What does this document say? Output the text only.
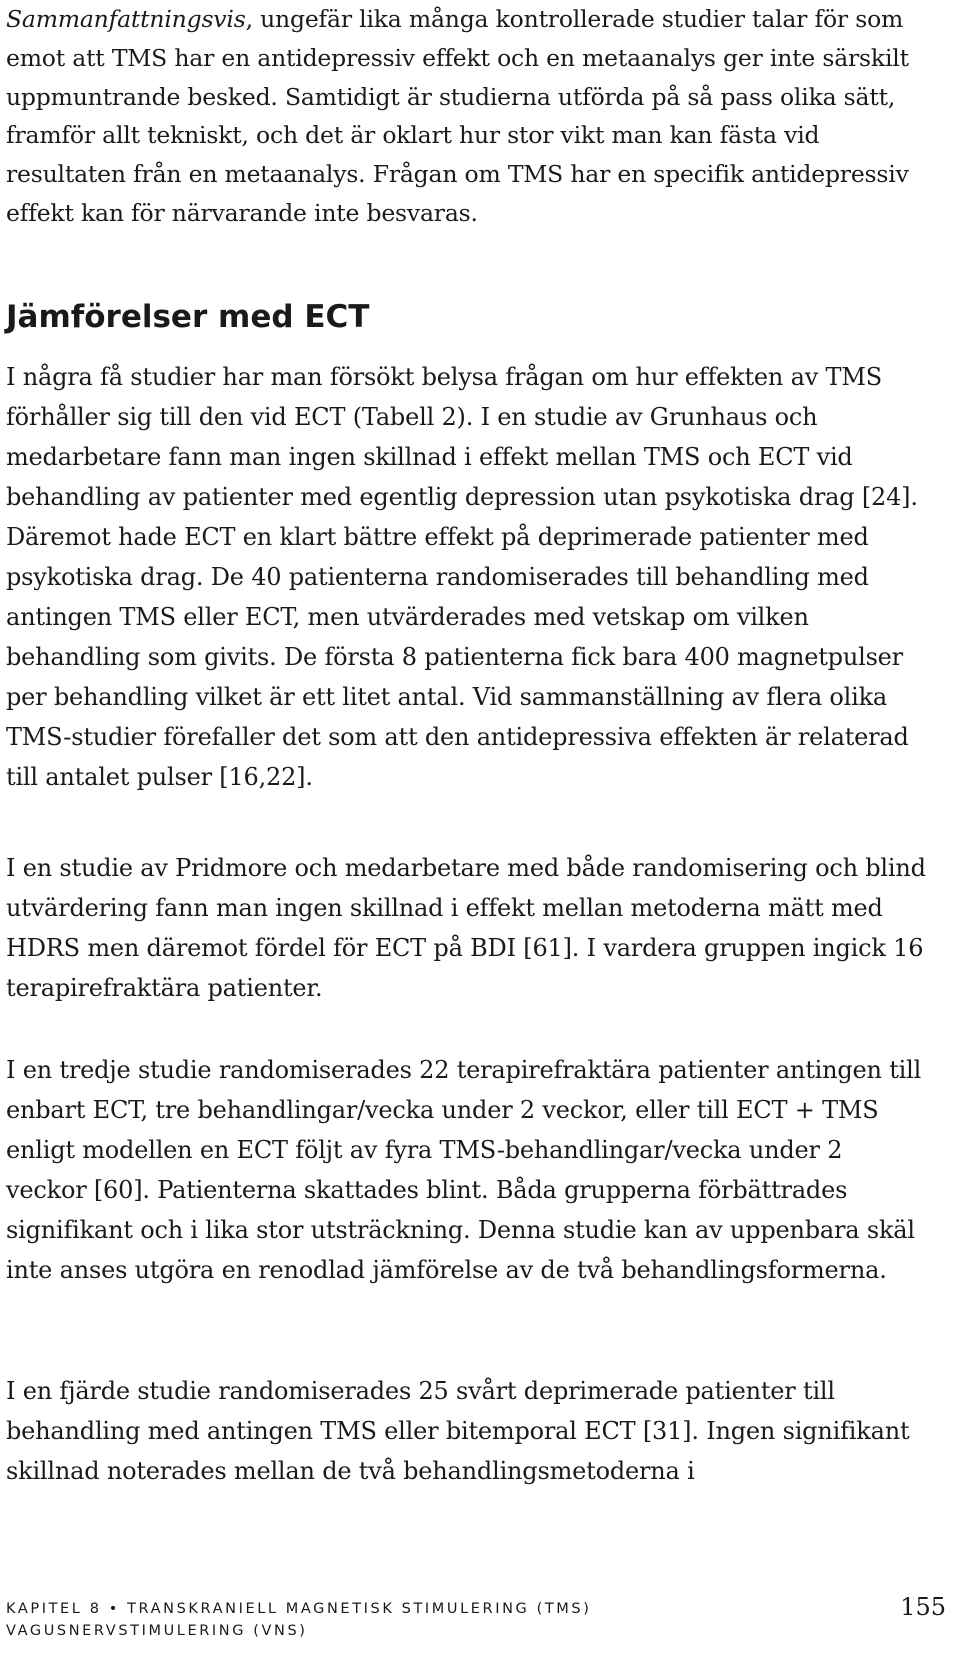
Sammanfattningsvis, ungefär lika många kontrollerade studier talar för som emot att TMS har en antidepressiv effekt och en metaanalys ger inte särskilt uppmuntrande besked. Samtidigt är studierna utförda på så pass olika sätt, framför allt tekniskt, och det är oklart hur stor vikt man kan fästa vid resultaten från en metaanalys. Frågan om TMS har en specifik antidepressiv effekt kan för närvarande inte besvaras.

Jämförelser med ECT

I några få studier har man försökt belysa frågan om hur effekten av TMS förhåller sig till den vid ECT (Tabell 2). I en studie av Grunhaus och medarbetare fann man ingen skillnad i effekt mellan TMS och ECT vid behandling av patienter med egentlig depression utan psykotiska drag [24]. Däremot hade ECT en klart bättre effekt på deprimerade patienter med psykotiska drag. De 40 patienterna randomiserades till behandling med antingen TMS eller ECT, men utvärderades med vetskap om vilken behandling som givits. De första 8 patienterna fick bara 400 magnetpulser per behandling vilket är ett litet antal. Vid sammanställning av flera olika TMS-studier förefaller det som att den antidepressiva effekten är relaterad till antalet pulser [16,22].

I en studie av Pridmore och medarbetare med både randomisering och blind utvärdering fann man ingen skillnad i effekt mellan metoderna mätt med HDRS men däremot fördel för ECT på BDI [61]. I vardera gruppen ingick 16 terapirefraktära patienter.

I en tredje studie randomiserades 22 terapirefraktära patienter antingen till enbart ECT, tre behandlingar/vecka under 2 veckor, eller till ECT + TMS enligt modellen en ECT följt av fyra TMS-behandlingar/vecka under 2 veckor [60]. Patienterna skattades blint. Båda grupperna förbättrades signifikant och i lika stor utsträckning. Denna studie kan av uppenbara skäl inte anses utgöra en renodlad jämförelse av de två behandlingsformerna.

I en fjärde studie randomiserades 25 svårt deprimerade patienter till behandling med antingen TMS eller bitemporal ECT [31]. Ingen signifikant skillnad noterades mellan de två behandlingsmetoderna i

KAPITEL 8 • TRANSKRANIELL MAGNETISK STIMULERING (TMS)
VAGUSNERVSTIMULERING (VNS)
155
